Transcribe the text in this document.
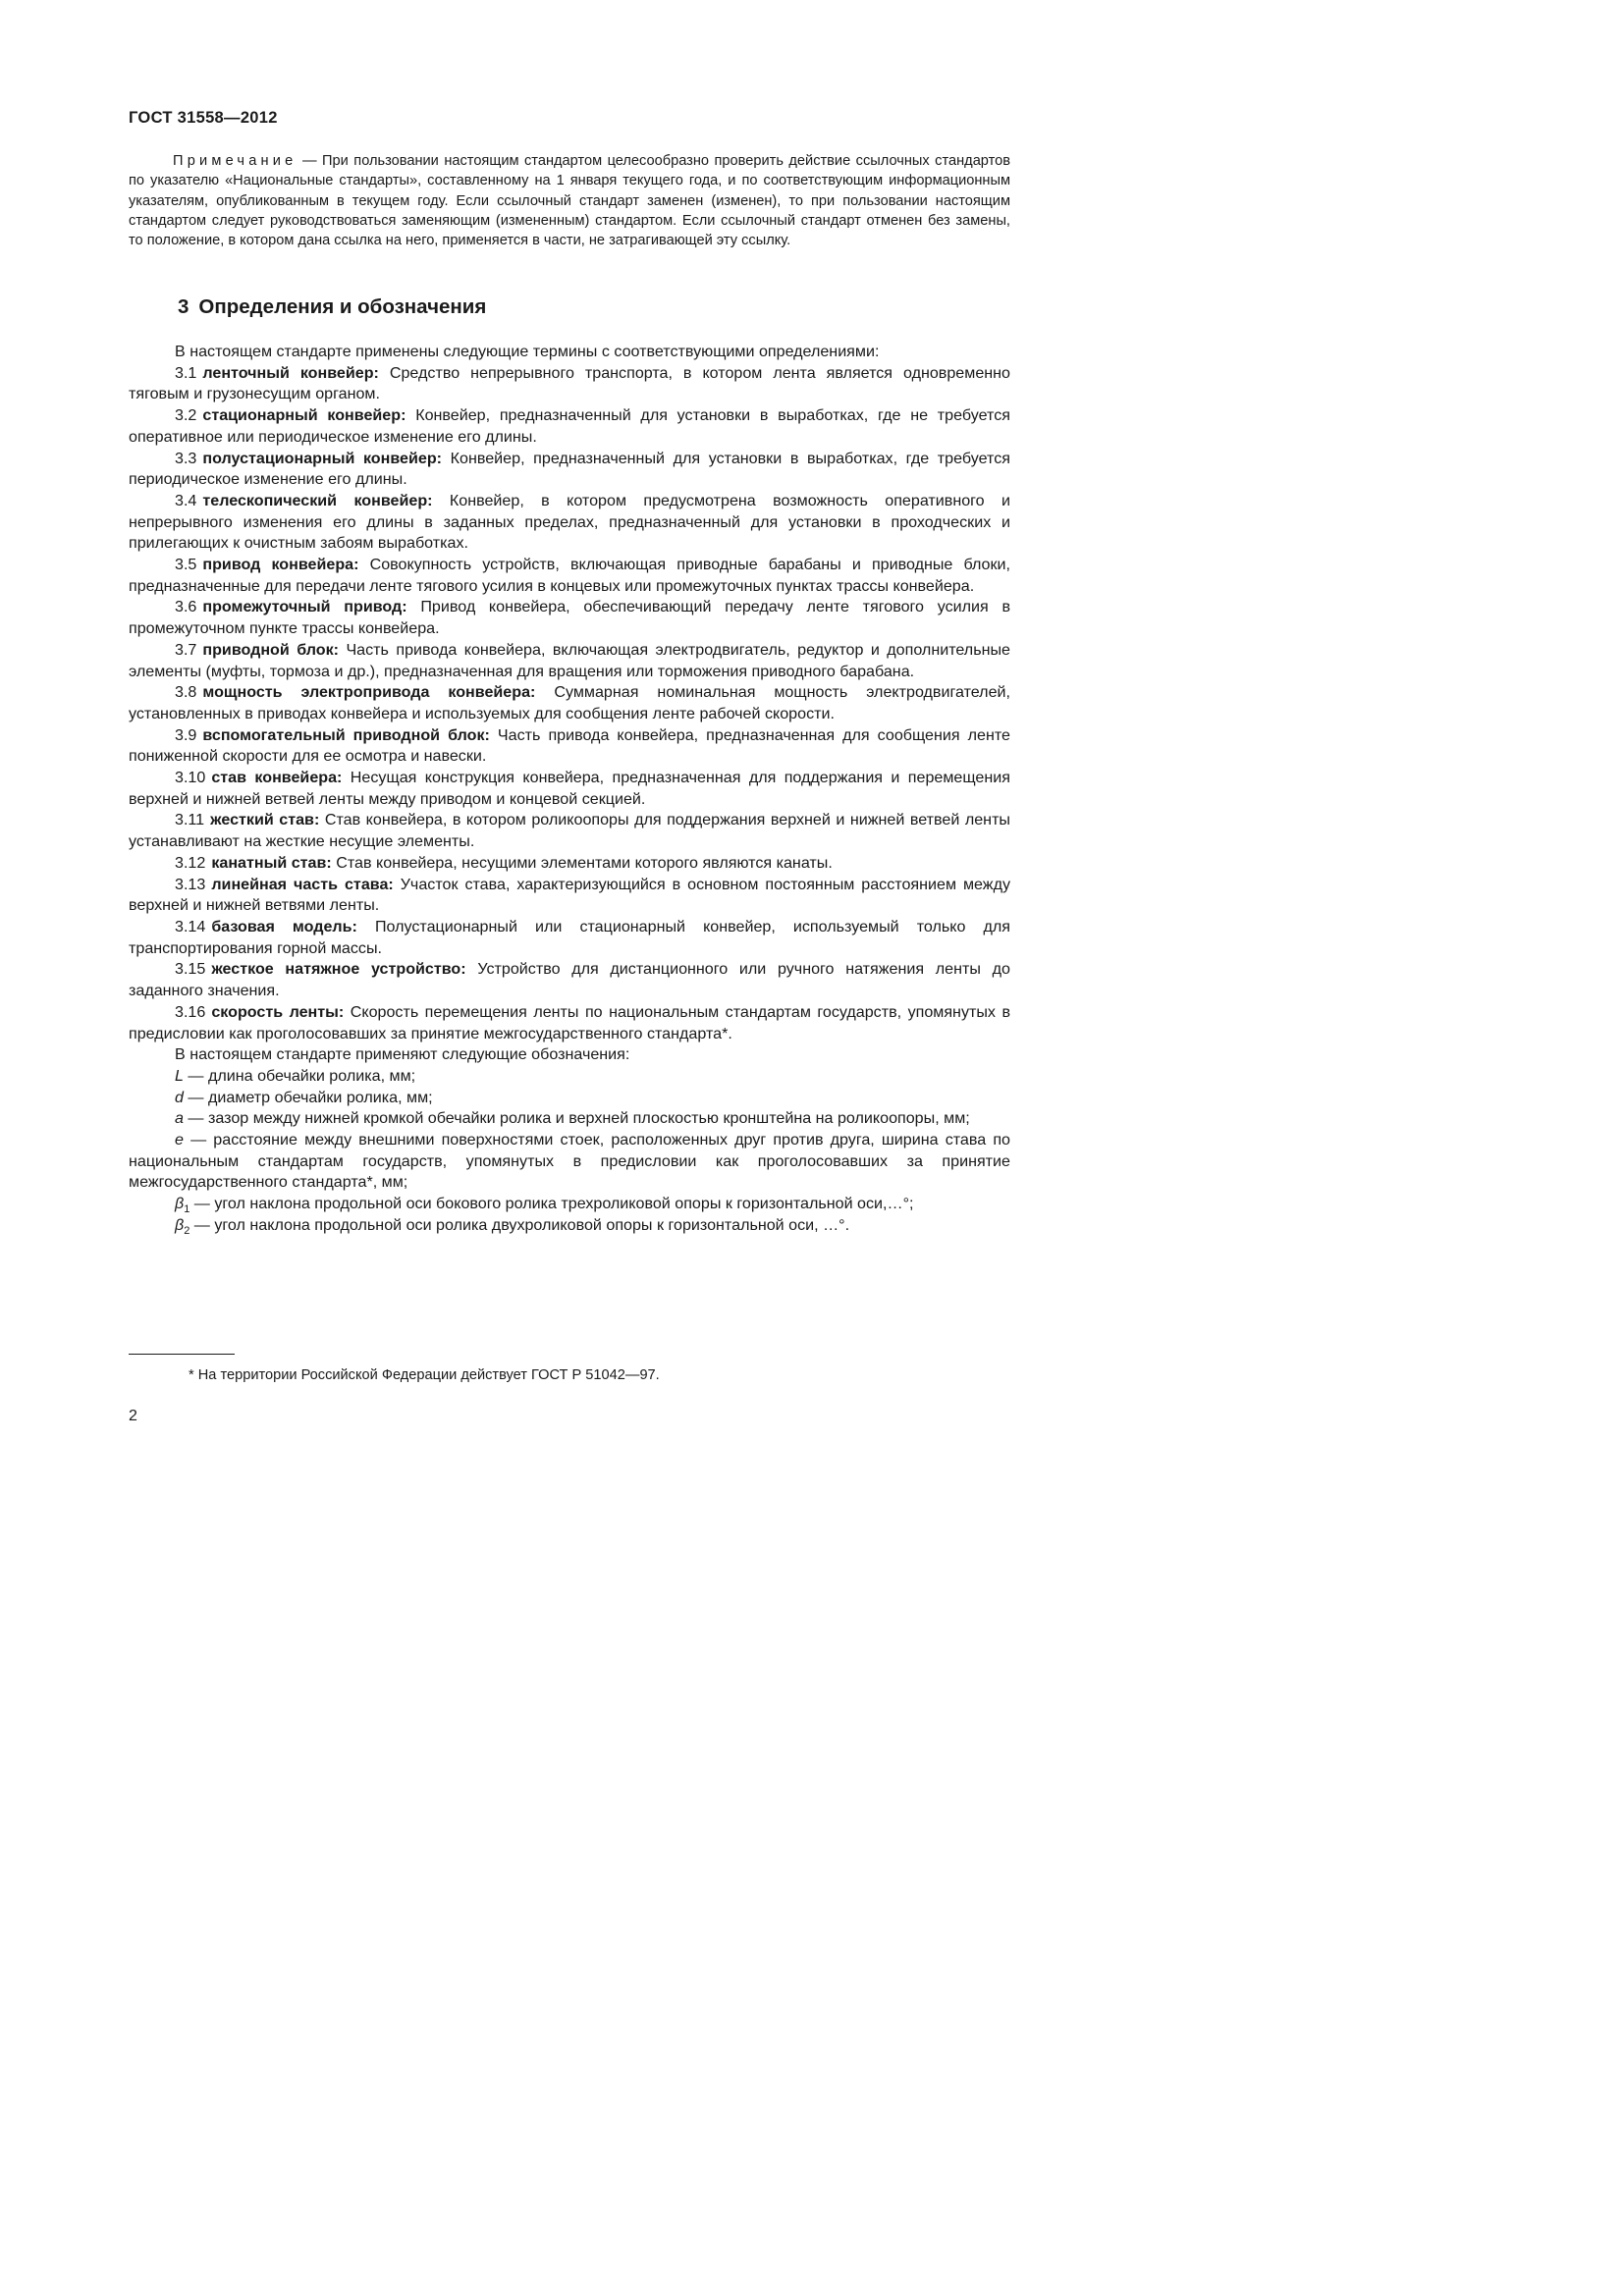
ГОСТ 31558—2012
Примечание — При пользовании настоящим стандартом целесообразно проверить действие ссылочных стандартов по указателю «Национальные стандарты», составленному на 1 января текущего года, и по соответствующим информационным указателям, опубликованным в текущем году. Если ссылочный стандарт заменен (изменен), то при пользовании настоящим стандартом следует руководствоваться заменяющим (измененным) стандартом. Если ссылочный стандарт отменен без замены, то положение, в котором дана ссылка на него, применяется в части, не затрагивающей эту ссылку.
3 Определения и обозначения

В настоящем стандарте применены следующие термины с соответствующими определениями:

3.1 ленточный конвейер: Средство непрерывного транспорта, в котором лента является одновременно тяговым и грузонесущим органом.

3.2 стационарный конвейер: Конвейер, предназначенный для установки в выработках, где не требуется оперативное или периодическое изменение его длины.

3.3 полустационарный конвейер: Конвейер, предназначенный для установки в выработках, где требуется периодическое изменение его длины.

3.4 телескопический конвейер: Конвейер, в котором предусмотрена возможность оперативного и непрерывного изменения его длины в заданных пределах, предназначенный для установки в проходческих и прилегающих к очистным забоям выработках.

3.5 привод конвейера: Совокупность устройств, включающая приводные барабаны и приводные блоки, предназначенные для передачи ленте тягового усилия в концевых или промежуточных пунктах трассы конвейера.

3.6 промежуточный привод: Привод конвейера, обеспечивающий передачу ленте тягового усилия в промежуточном пункте трассы конвейера.

3.7 приводной блок: Часть привода конвейера, включающая электродвигатель, редуктор и дополнительные элементы (муфты, тормоза и др.), предназначенная для вращения или торможения приводного барабана.

3.8 мощность электропривода конвейера: Суммарная номинальная мощность электродвигателей, установленных в приводах конвейера и используемых для сообщения ленте рабочей скорости.

3.9 вспомогательный приводной блок: Часть привода конвейера, предназначенная для сообщения ленте пониженной скорости для ее осмотра и навески.

3.10 став конвейера: Несущая конструкция конвейера, предназначенная для поддержания и перемещения верхней и нижней ветвей ленты между приводом и концевой секцией.

3.11 жесткий став: Став конвейера, в котором роликоопоры для поддержания верхней и нижней ветвей ленты устанавливают на жесткие несущие элементы.

3.12 канатный став: Став конвейера, несущими элементами которого являются канаты.

3.13 линейная часть става: Участок става, характеризующийся в основном постоянным расстоянием между верхней и нижней ветвями ленты.

3.14 базовая модель: Полустационарный или стационарный конвейер, используемый только для транспортирования горной массы.

3.15 жесткое натяжное устройство: Устройство для дистанционного или ручного натяжения ленты до заданного значения.

3.16 скорость ленты: Скорость перемещения ленты по национальным стандартам государств, упомянутых в предисловии как проголосовавших за принятие межгосударственного стандарта*.

В настоящем стандарте применяют следующие обозначения:

L — длина обечайки ролика, мм;

d — диаметр обечайки ролика, мм;

a — зазор между нижней кромкой обечайки ролика и верхней плоскостью кронштейна на роликоопоры, мм;

e — расстояние между внешними поверхностями стоек, расположенных друг против друга, ширина става по национальным стандартам государств, упомянутых в предисловии как проголосовавших за принятие межгосударственного стандарта*, мм;

$\beta_1$ — угол наклона продольной оси бокового ролика трехроликовой опоры к горизонтальной оси,…°;

$\beta_2$ — угол наклона продольной оси ролика двухроликовой опоры к горизонтальной оси, …°.

* На территории Российской Федерации действует ГОСТ Р 51042—97.
2
